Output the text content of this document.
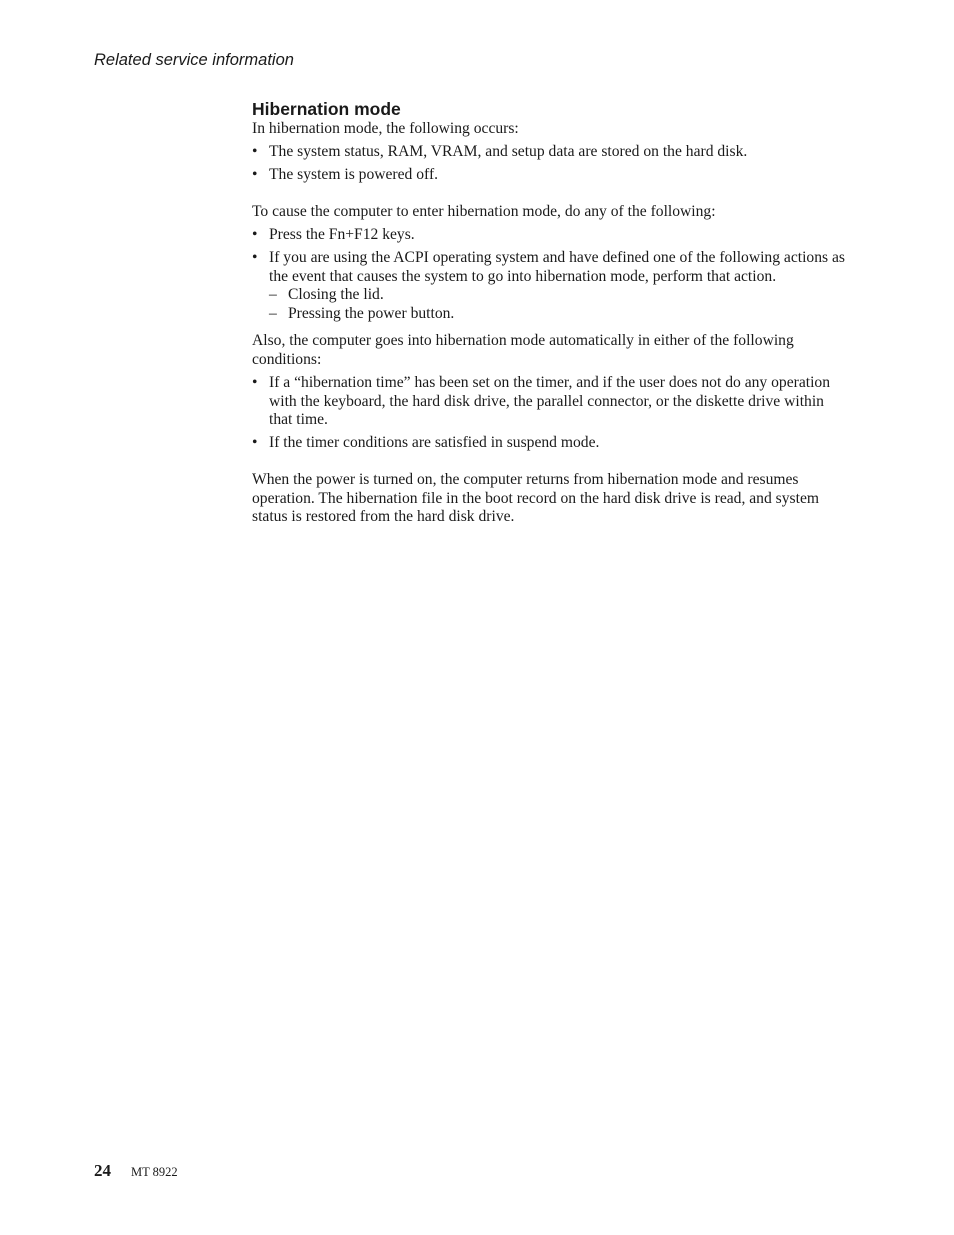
Related service information

Hibernation mode

In hibernation mode, the following occurs:

• The system status, RAM, VRAM, and setup data are stored on the hard disk.
• The system is powered off.

To cause the computer to enter hibernation mode, do any of the following:

• Press the Fn+F12 keys.
• If you are using the ACPI operating system and have defined one of the following actions as the event that causes the system to go into hibernation mode, perform that action.
– Closing the lid.
– Pressing the power button.

Also, the computer goes into hibernation mode automatically in either of the following conditions:

• If a “hibernation time” has been set on the timer, and if the user does not do any operation with the keyboard, the hard disk drive, the parallel connector, or the diskette drive within that time.
• If the timer conditions are satisfied in suspend mode.

When the power is turned on, the computer returns from hibernation mode and resumes operation. The hibernation file in the boot record on the hard disk drive is read, and system status is restored from the hard disk drive.

24 MT 8922
